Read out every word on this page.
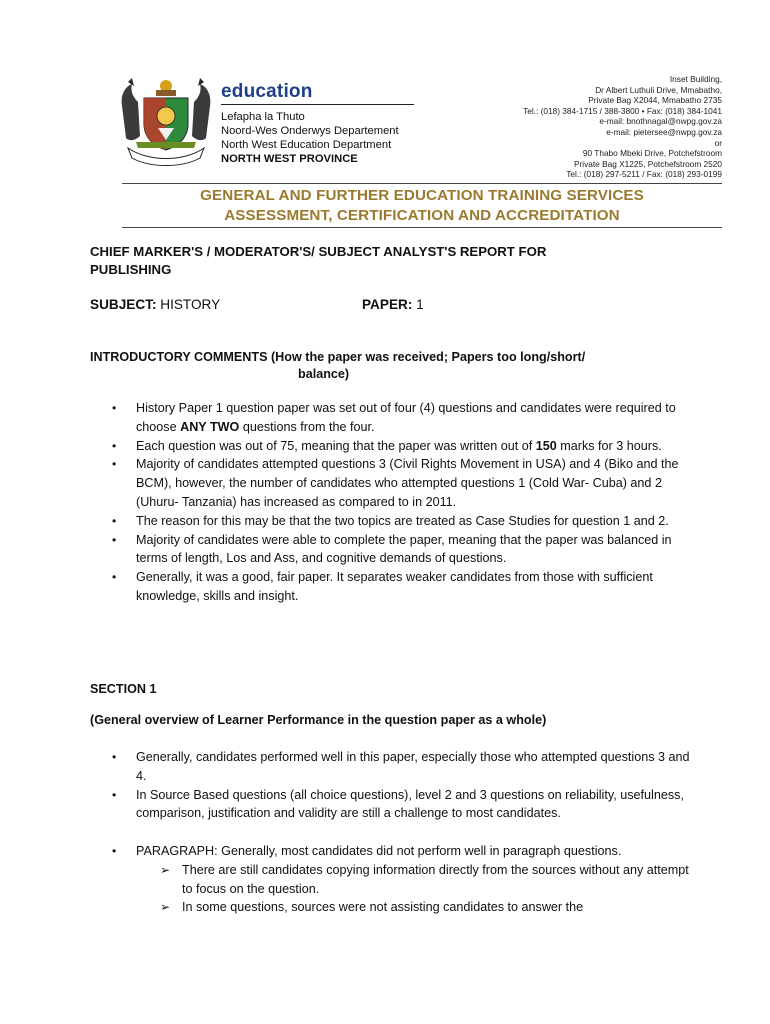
education
Lefapha la Thuto
Noord-Wes Onderwys Departement
North West Education Department
NORTH WEST PROVINCE
Inset Building,
Dr Albert Luthuli Drive, Mmabatho,
Private Bag X2044, Mmabatho 2735
Tel.: (018) 384-1715 / 388-3800 • Fax: (018) 384-1041
e-mail: bnothnagal@nwpg.gov.za
e-mail: pietersee@nwpg.gov.za
or
90 Thabo Mbeki Drive, Potchefstroom
Private Bag X1225, Potchefstroom 2520
Tel.: (018) 297-5211 / Fax: (018) 293-0199
GENERAL AND FURTHER EDUCATION TRAINING SERVICES
ASSESSMENT, CERTIFICATION AND ACCREDITATION
CHIEF MARKER'S / MODERATOR'S/ SUBJECT ANALYST'S REPORT FOR
PUBLISHING
SUBJECT: HISTORY	PAPER: 1
INTRODUCTORY COMMENTS (How the paper was received; Papers too long/short/
balance)
• History Paper 1 question paper was set out of four (4) questions and candidates were required to choose ANY TWO questions from the four.
• Each question was out of 75, meaning that the paper was written out of 150 marks for 3 hours.
• Majority of candidates attempted questions 3 (Civil Rights Movement in USA) and 4 (Biko and the BCM), however, the number of candidates who attempted questions 1 (Cold War- Cuba) and 2 (Uhuru- Tanzania) has increased as compared to in 2011.
• The reason for this may be that the two topics are treated as Case Studies for question 1 and 2.
• Majority of candidates were able to complete the paper, meaning that the paper was balanced in terms of length, Los and Ass, and cognitive demands of questions.
• Generally, it was a good, fair paper. It separates weaker candidates from those with sufficient knowledge, skills and insight.
SECTION 1
(General overview of Learner Performance in the question paper as a whole)
• Generally, candidates performed well in this paper, especially those who attempted questions 3 and 4.
• In Source Based questions (all choice questions), level 2 and 3 questions on reliability, usefulness, comparison, justification and validity are still a challenge to most candidates.
• PARAGRAPH: Generally, most candidates did not perform well in paragraph questions.
➢ There are still candidates copying information directly from the sources without any attempt to focus on the question.
➢ In some questions, sources were not assisting candidates to answer the
